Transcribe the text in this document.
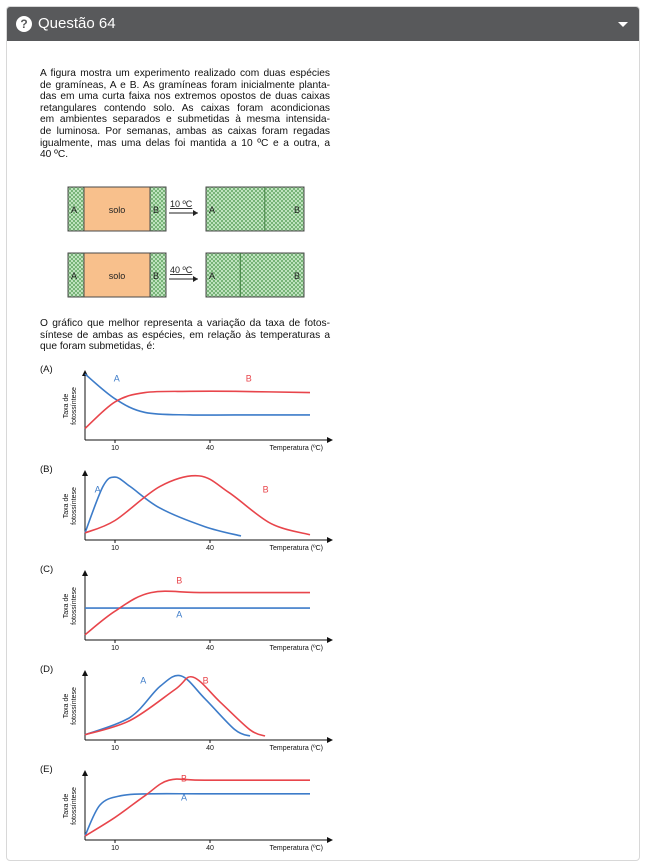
? Questão 64
A figura mostra um experimento realizado com duas espécies
de gramíneas, A e B. As gramíneas foram inicialmente planta-
das em uma curta faixa nos extremos opostos de duas caixas
retangulares contendo solo. As caixas foram acondicionas
em ambientes separados e submetidas à mesma intensida-
de luminosa. Por semanas, ambas as caixas foram regadas
igualmente, mas uma delas foi mantida a 10 ºC e a outra, a
40 ºC.
A	solo	B
10 ºC
A	B
A	solo	B
40 ºC
A	B
O gráfico que melhor representa a variação da taxa de fotos-
síntese de ambas as espécies, em relação às temperaturas a
que foram submetidas, é:
(A)
10	40
Taxa defotossíntese
Temperatura (ºC)
A	B
(B)
10	40
Taxa defotossíntese
Temperatura (ºC)
A	B
(C)
10	40
Taxa defotossíntese
Temperatura (ºC)
A
B
(D)
10	40
Taxa defotossíntese
Temperatura (ºC)
A	B
(E)
10	40
Taxa defotossíntese
Temperatura (ºC)
A
B
